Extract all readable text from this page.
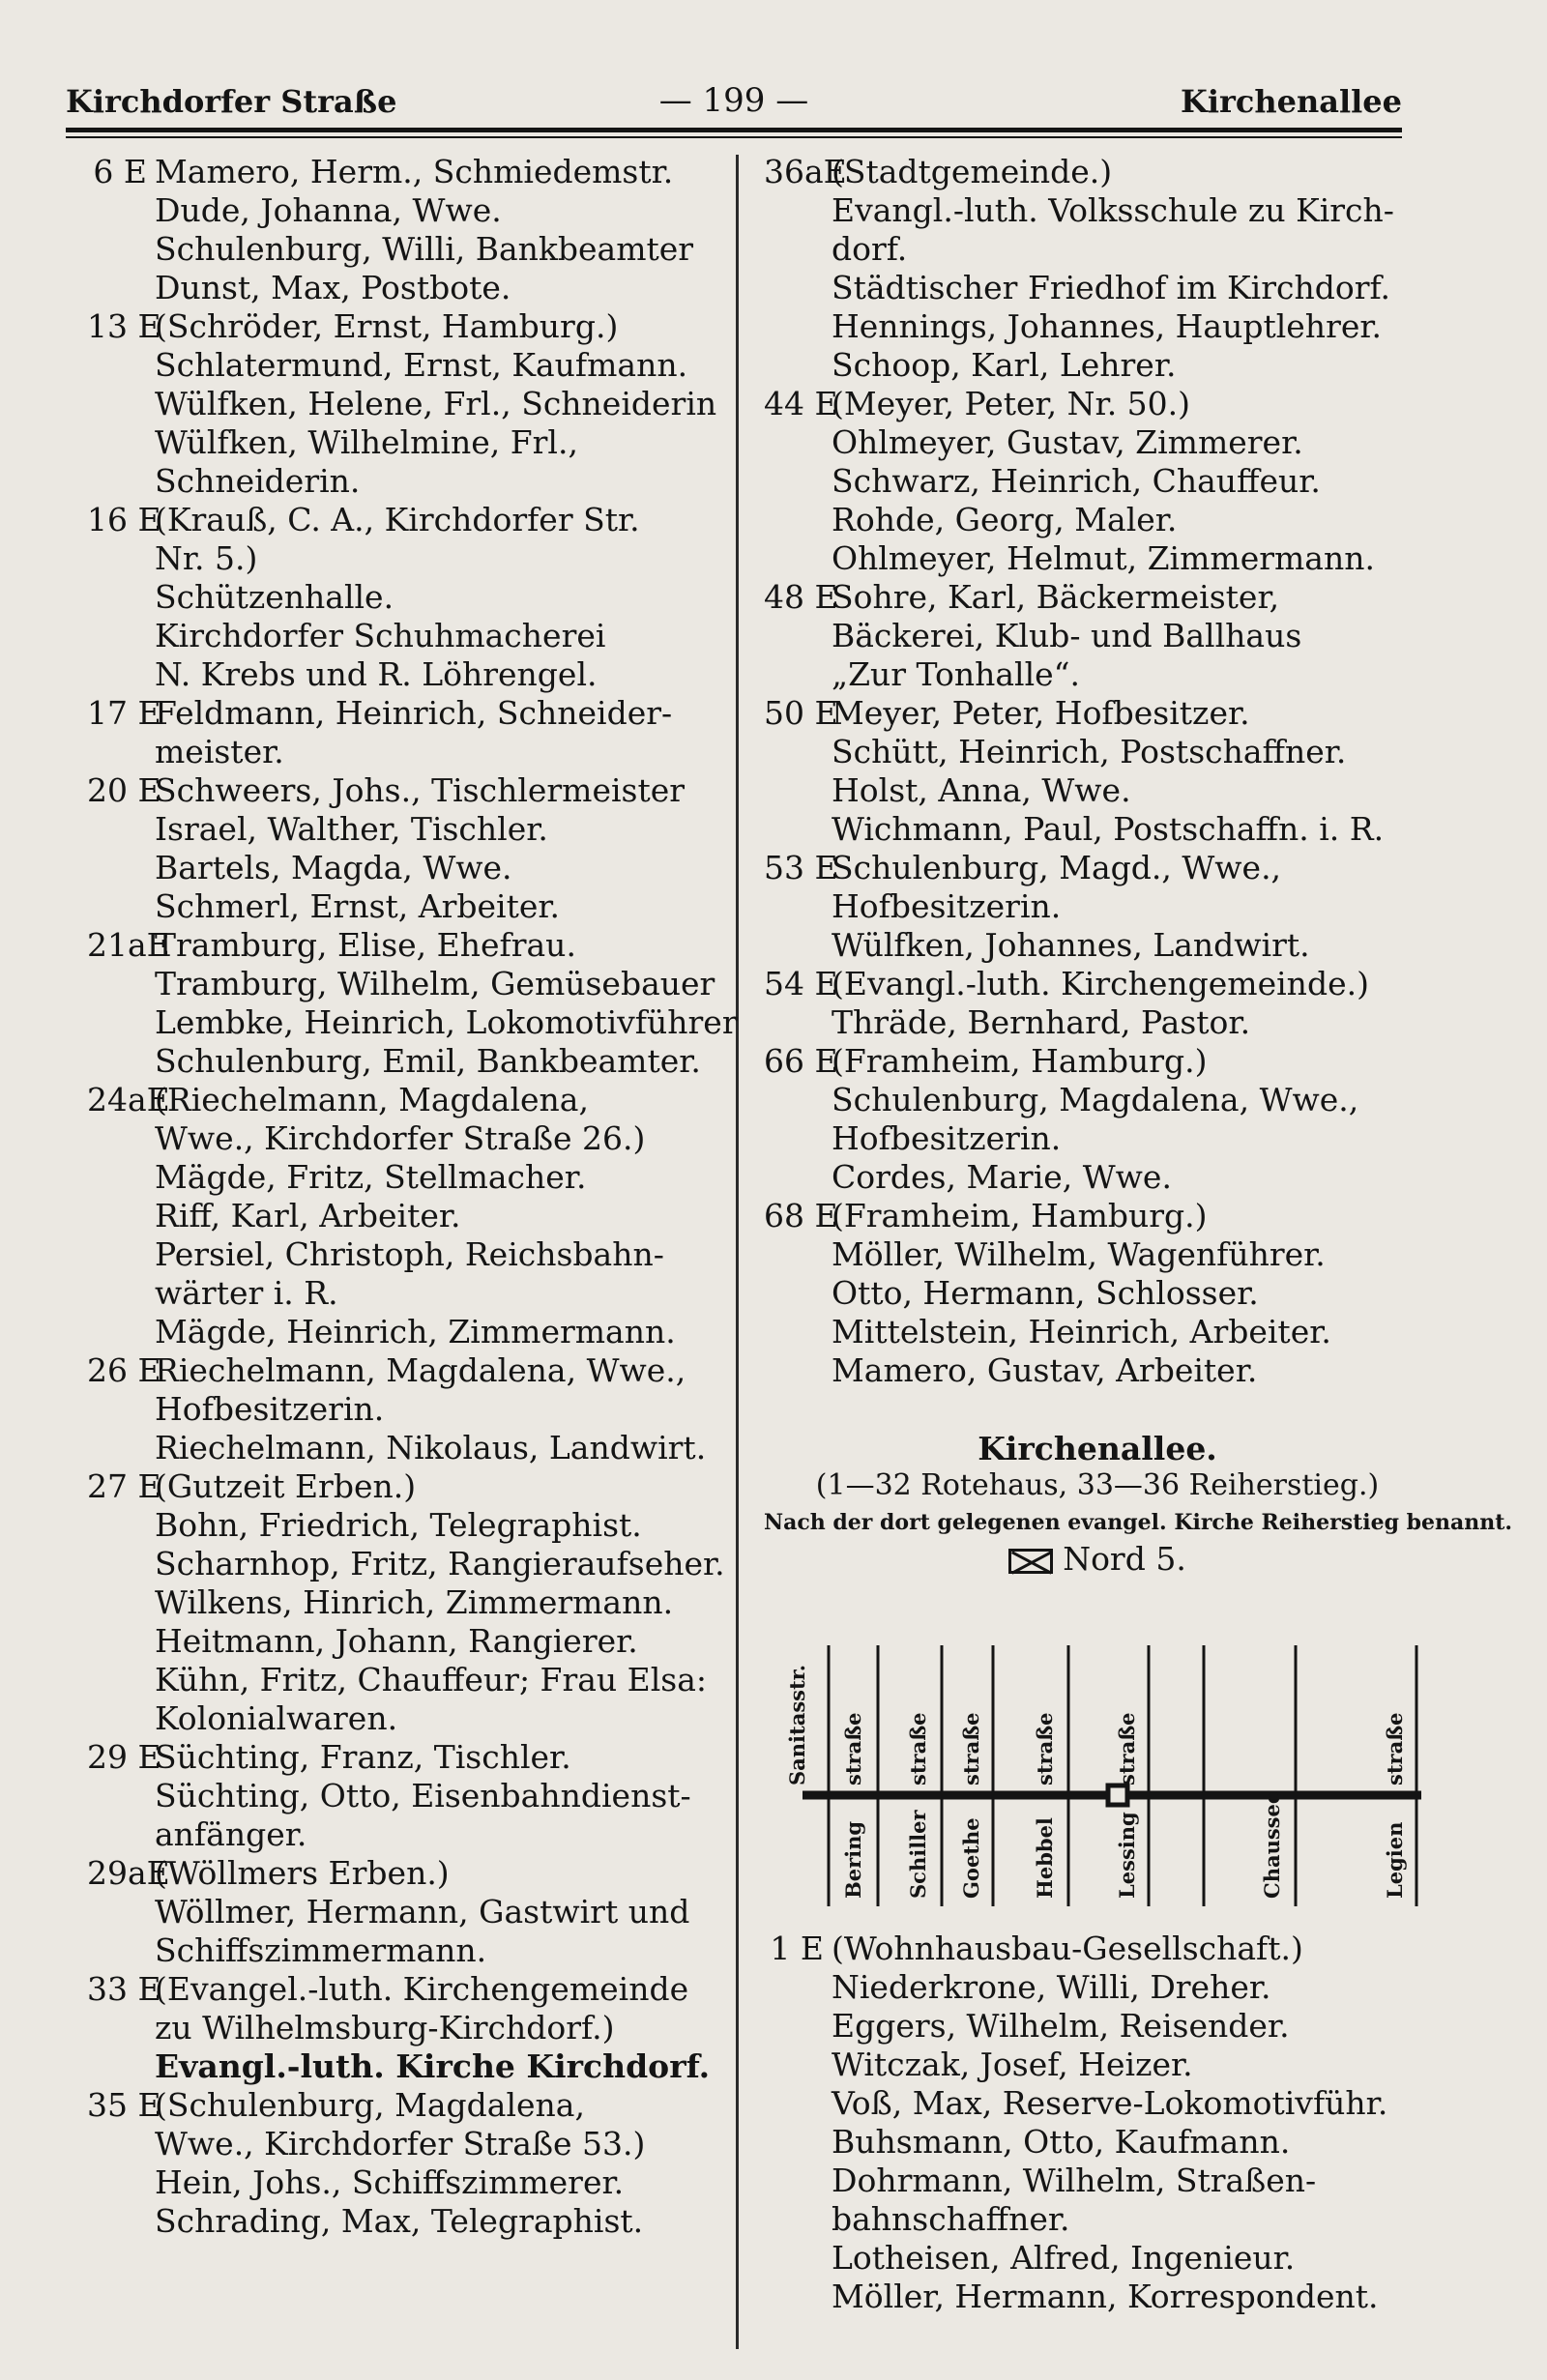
Kirchdorfer Straße	— 199 —	Kirchenallee
6 E Mamero, Herm., Schmiedemstr.
Dude, Johanna, Wwe.
Schulenburg, Willi, Bankbeamter
Dunst, Max, Postbote.
13 E(Schröder, Ernst, Hamburg.)
Schlatermund, Ernst, Kaufmann.
Wülfken, Helene, Frl., Schneiderin
Wülfken, Wilhelmine, Frl.,
Schneiderin.
16 E(Krauß, C. A., Kirchdorfer Str.
Nr. 5.)
Schützenhalle.
Kirchdorfer Schuhmacherei
N. Krebs und R. Löhrengel.
17 EFeldmann, Heinrich, Schneider-
meister.
20 ESchweers, Johs., Tischlermeister
Israel, Walther, Tischler.
Bartels, Magda, Wwe.
Schmerl, Ernst, Arbeiter.
21aETramburg, Elise, Ehefrau.
Tramburg, Wilhelm, Gemüsebauer
Lembke, Heinrich, Lokomotivführer
Schulenburg, Emil, Bankbeamter.
24aE(Riechelmann, Magdalena,
Wwe., Kirchdorfer Straße 26.)
Mägde, Fritz, Stellmacher.
Riff, Karl, Arbeiter.
Persiel, Christoph, Reichsbahn-
wärter i. R.
Mägde, Heinrich, Zimmermann.
26 ERiechelmann, Magdalena, Wwe.,
Hofbesitzerin.
Riechelmann, Nikolaus, Landwirt.
27 E(Gutzeit Erben.)
Bohn, Friedrich, Telegraphist.
Scharnhop, Fritz, Rangieraufseher.
Wilkens, Hinrich, Zimmermann.
Heitmann, Johann, Rangierer.
Kühn, Fritz, Chauffeur; Frau Elsa:
Kolonialwaren.
29 ESüchting, Franz, Tischler.
Süchting, Otto, Eisenbahndienst-
anfänger.
29aE(Wöllmers Erben.)
Wöllmer, Hermann, Gastwirt und
Schiffszimmermann.
33 E(Evangel.-luth. Kirchengemeinde
zu Wilhelmsburg-Kirchdorf.)
Evangl.-luth. Kirche Kirchdorf.
35 E(Schulenburg, Magdalena,
Wwe., Kirchdorfer Straße 53.)
Hein, Johs., Schiffszimmerer.
Schrading, Max, Telegraphist.
36aE(Stadtgemeinde.)
Evangl.-luth. Volksschule zu Kirch-
dorf.
Städtischer Friedhof im Kirchdorf.
Hennings, Johannes, Hauptlehrer.
Schoop, Karl, Lehrer.
44 E(Meyer, Peter, Nr. 50.)
Ohlmeyer, Gustav, Zimmerer.
Schwarz, Heinrich, Chauffeur.
Rohde, Georg, Maler.
Ohlmeyer, Helmut, Zimmermann.
48 ESohre, Karl, Bäckermeister,
Bäckerei, Klub- und Ballhaus
„Zur Tonhalle“.
50 EMeyer, Peter, Hofbesitzer.
Schütt, Heinrich, Postschaffner.
Holst, Anna, Wwe.
Wichmann, Paul, Postschaffn. i. R.
53 ESchulenburg, Magd., Wwe.,
Hofbesitzerin.
Wülfken, Johannes, Landwirt.
54 E(Evangl.-luth. Kirchengemeinde.)
Thräde, Bernhard, Pastor.
66 E(Framheim, Hamburg.)
Schulenburg, Magdalena, Wwe.,
Hofbesitzerin.
Cordes, Marie, Wwe.
68 E(Framheim, Hamburg.)
Möller, Wilhelm, Wagenführer.
Otto, Hermann, Schlosser.
Mittelstein, Heinrich, Arbeiter.
Mamero, Gustav, Arbeiter.
Kirchenallee.
(1—32 Rotehaus, 33—36 Reiherstieg.)
Nach der dort gelegenen evangel. Kirche Reiherstieg benannt.
Nord 5.
Sanitasstr. straße straße straße straße	straße	straße
Bering Schiller Goethe Hebbel	Lessing	Chaussee	Legien
1 E (Wohnhausbau-Gesellschaft.)
Niederkrone, Willi, Dreher.
Eggers, Wilhelm, Reisender.
Witczak, Josef, Heizer.
Voß, Max, Reserve-Lokomotivführ.
Buhsmann, Otto, Kaufmann.
Dohrmann, Wilhelm, Straßen-
bahnschaffner.
Lotheisen, Alfred, Ingenieur.
Möller, Hermann, Korrespondent.
